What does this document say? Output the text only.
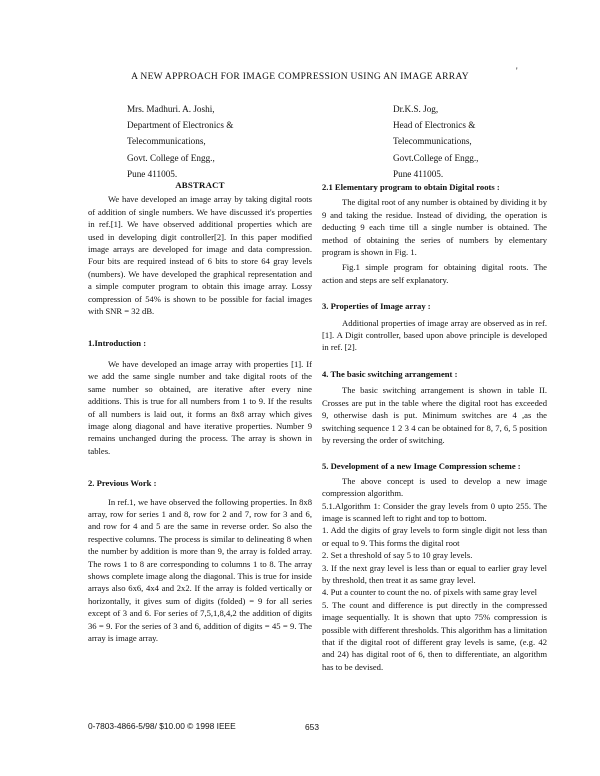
A NEW APPROACH FOR IMAGE COMPRESSION USING AN IMAGE ARRAY
'
Mrs. Madhuri. A. Joshi,
Department of Electronics &
Telecommunications,
Govt. College of Engg.,
Pune 411005.
Dr.K.S. Jog,
Head of Electronics &
Telecommunications,
Govt.College of Engg.,
Pune 411005.
ABSTRACT

We have developed an image array by taking digital roots of addition of single numbers. We have discussed it's properties in ref.[1]. We have observed additional properties which are used in developing digit controller[2]. In this paper modified image arrays are developed for image and data compression. Four bits are required instead of 6 bits to store 64 gray levels (numbers). We have developed the graphical representation and a simple computer program to obtain this image array. Lossy compression of 54% is shown to be possible for facial images with SNR = 32 dB.

1.Introduction :

We have developed an image array with properties [1]. If we add the same single number and take digital roots of the same number so obtained, are iterative after every nine additions. This is true for all numbers from 1 to 9. If the results of all numbers is laid out, it forms an 8x8 array which gives image along diagonal and have iterative properties. Number 9 remains unchanged during the process. The array is shown in tables.

2. Previous Work :

In ref.1, we have observed the following properties. In 8x8 array, row for series 1 and 8, row for 2 and 7, row for 3 and 6, and row for 4 and 5 are the same in reverse order. So also the respective columns. The process is similar to delineating 8 when the number by addition is more than 9, the array is folded array. The rows 1 to 8 are corresponding to columns 1 to 8. The array shows complete image along the diagonal. This is true for inside arrays also 6x6, 4x4 and 2x2. If the array is folded vertically or horizontally, it gives sum of digits (folded) = 9 for all series except of 3 and 6. For series of 7,5,1,8,4,2 the addition of digits 36 = 9. For the series of 3 and 6, addition of digits = 45 = 9. The array is image array.

2.1 Elementary program to obtain Digital roots :

The digital root of any number is obtained by dividing it by 9 and taking the residue. Instead of dividing, the operation is deducting 9 each time till a single number is obtained. The method of obtaining the series of numbers by elementary program is shown in Fig. 1.

Fig.1 simple program for obtaining digital roots. The action and steps are self explanatory.

3. Properties of Image array :

Additional properties of image array are observed as in ref.[1]. A Digit controller, based upon above principle is developed in ref. [2].

4. The basic switching arrangement :

The basic switching arrangement is shown in table II. Crosses are put in the table where the digital root has exceeded 9, otherwise dash is put. Minimum switches are 4 ,as the switching sequence 1 2 3 4 can be obtained for 8, 7, 6, 5 position by reversing the order of switching.

5. Development of a new Image Compression scheme :

The above concept is used to develop a new image compression algorithm.

5.1.Algorithm 1: Consider the gray levels from 0 upto 255. The image is scanned left to right and top to bottom.

1. Add the digits of gray levels to form single digit not less than or equal to 9. This forms the digital root

2. Set a threshold of say 5 to 10 gray levels.

3. If the next gray level is less than or equal to earlier gray level by threshold, then treat it as same gray level.

4. Put a counter to count the no. of pixels with same gray level

5. The count and difference is put directly in the compressed image sequentially. It is shown that upto 75% compression is possible with different thresholds. This algorithm has a limitation that if the digital root of different gray levels is same, (e.g. 42 and 24) has digital root of 6, then to differentiate, an algorithm has to be devised.

0-7803-4866-5/98/ $10.00 © 1998 IEEE	653
